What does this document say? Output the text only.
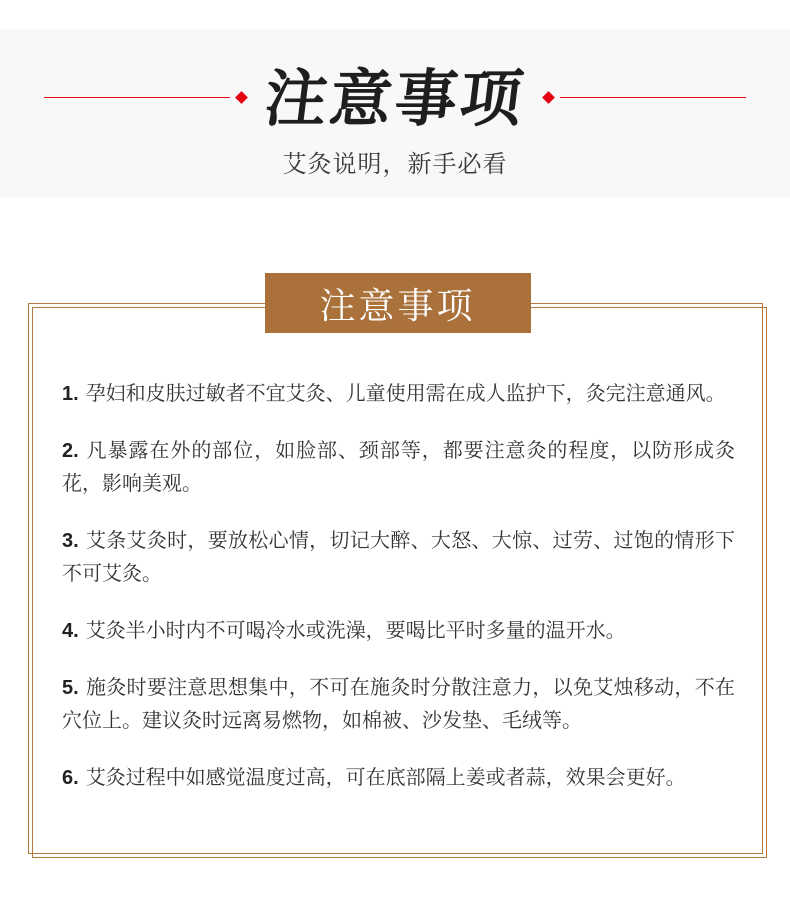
注意事项

艾灸说明，新手必看

注意事项

1. 孕妇和皮肤过敏者不宜艾灸、儿童使用需在成人监护下，灸完注意通风。

2. 凡暴露在外的部位，如脸部、颈部等，都要注意灸的程度，以防形成灸花，影响美观。

3. 艾条艾灸时，要放松心情，切记大醉、大怒、大惊、过劳、过饱的情形下不可艾灸。

4. 艾灸半小时内不可喝冷水或洗澡，要喝比平时多量的温开水。

5. 施灸时要注意思想集中，不可在施灸时分散注意力，以免艾烛移动，不在穴位上。建议灸时远离易燃物，如棉被、沙发垫、毛绒等。

6. 艾灸过程中如感觉温度过高，可在底部隔上姜或者蒜，效果会更好。
